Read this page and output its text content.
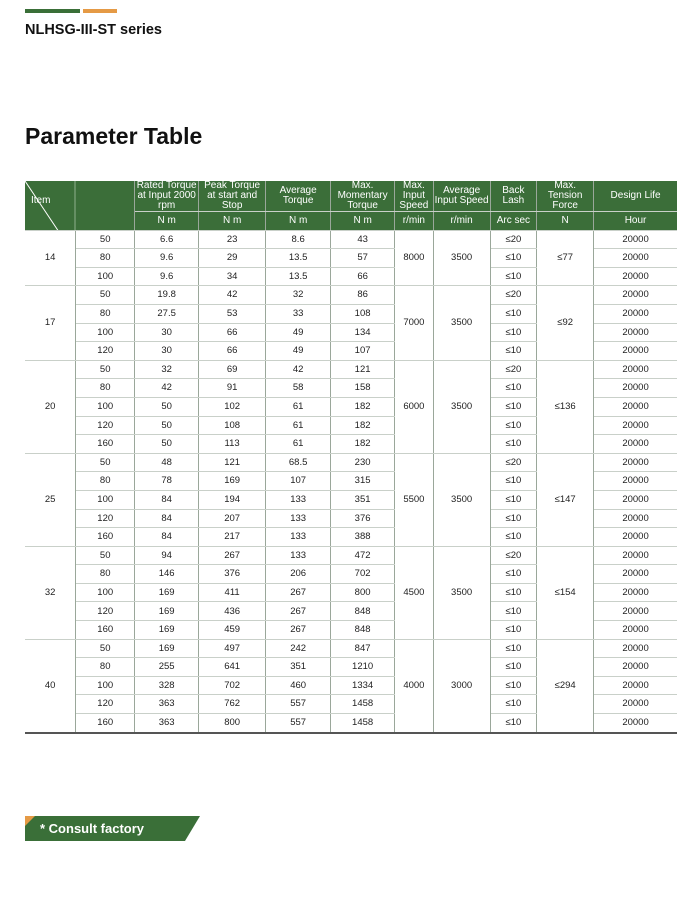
NLHSG-III-ST series
Parameter Table
Item		Rated Torque at Input 2000 rpm	Peak Torque at start and Stop	Average Torque	Max. Momentary Torque	Max. Input Speed	Average Input Speed	Back Lash	Max. Tension Force	Design Life
		N m	N m	N m	N m	r/min	r/min	Arc sec	N	Hour
14	50	6.6	23	8.6	43	8000	3500	≤20	≤77	20000
	80	9.6	29	13.5	57			≤10		20000
	100	9.6	34	13.5	66			≤10		20000
17	50	19.8	42	32	86	7000	3500	≤20	≤92	20000
	80	27.5	53	33	108			≤10		20000
	100	30	66	49	134			≤10		20000
	120	30	66	49	107			≤10		20000
20	50	32	69	42	121	6000	3500	≤20	≤136	20000
	80	42	91	58	158			≤10		20000
	100	50	102	61	182			≤10		20000
	120	50	108	61	182			≤10		20000
	160	50	113	61	182			≤10		20000
25	50	48	121	68.5	230	5500	3500	≤20	≤147	20000
	80	78	169	107	315			≤10		20000
	100	84	194	133	351			≤10		20000
	120	84	207	133	376			≤10		20000
	160	84	217	133	388			≤10		20000
32	50	94	267	133	472	4500	3500	≤20	≤154	20000
	80	146	376	206	702			≤10		20000
	100	169	411	267	800			≤10		20000
	120	169	436	267	848			≤10		20000
	160	169	459	267	848			≤10		20000
40	50	169	497	242	847	4000	3000	≤10	≤294	20000
	80	255	641	351	1210			≤10		20000
	100	328	702	460	1334			≤10		20000
	120	363	762	557	1458			≤10		20000
	160	363	800	557	1458			≤10		20000
* Consult factory
